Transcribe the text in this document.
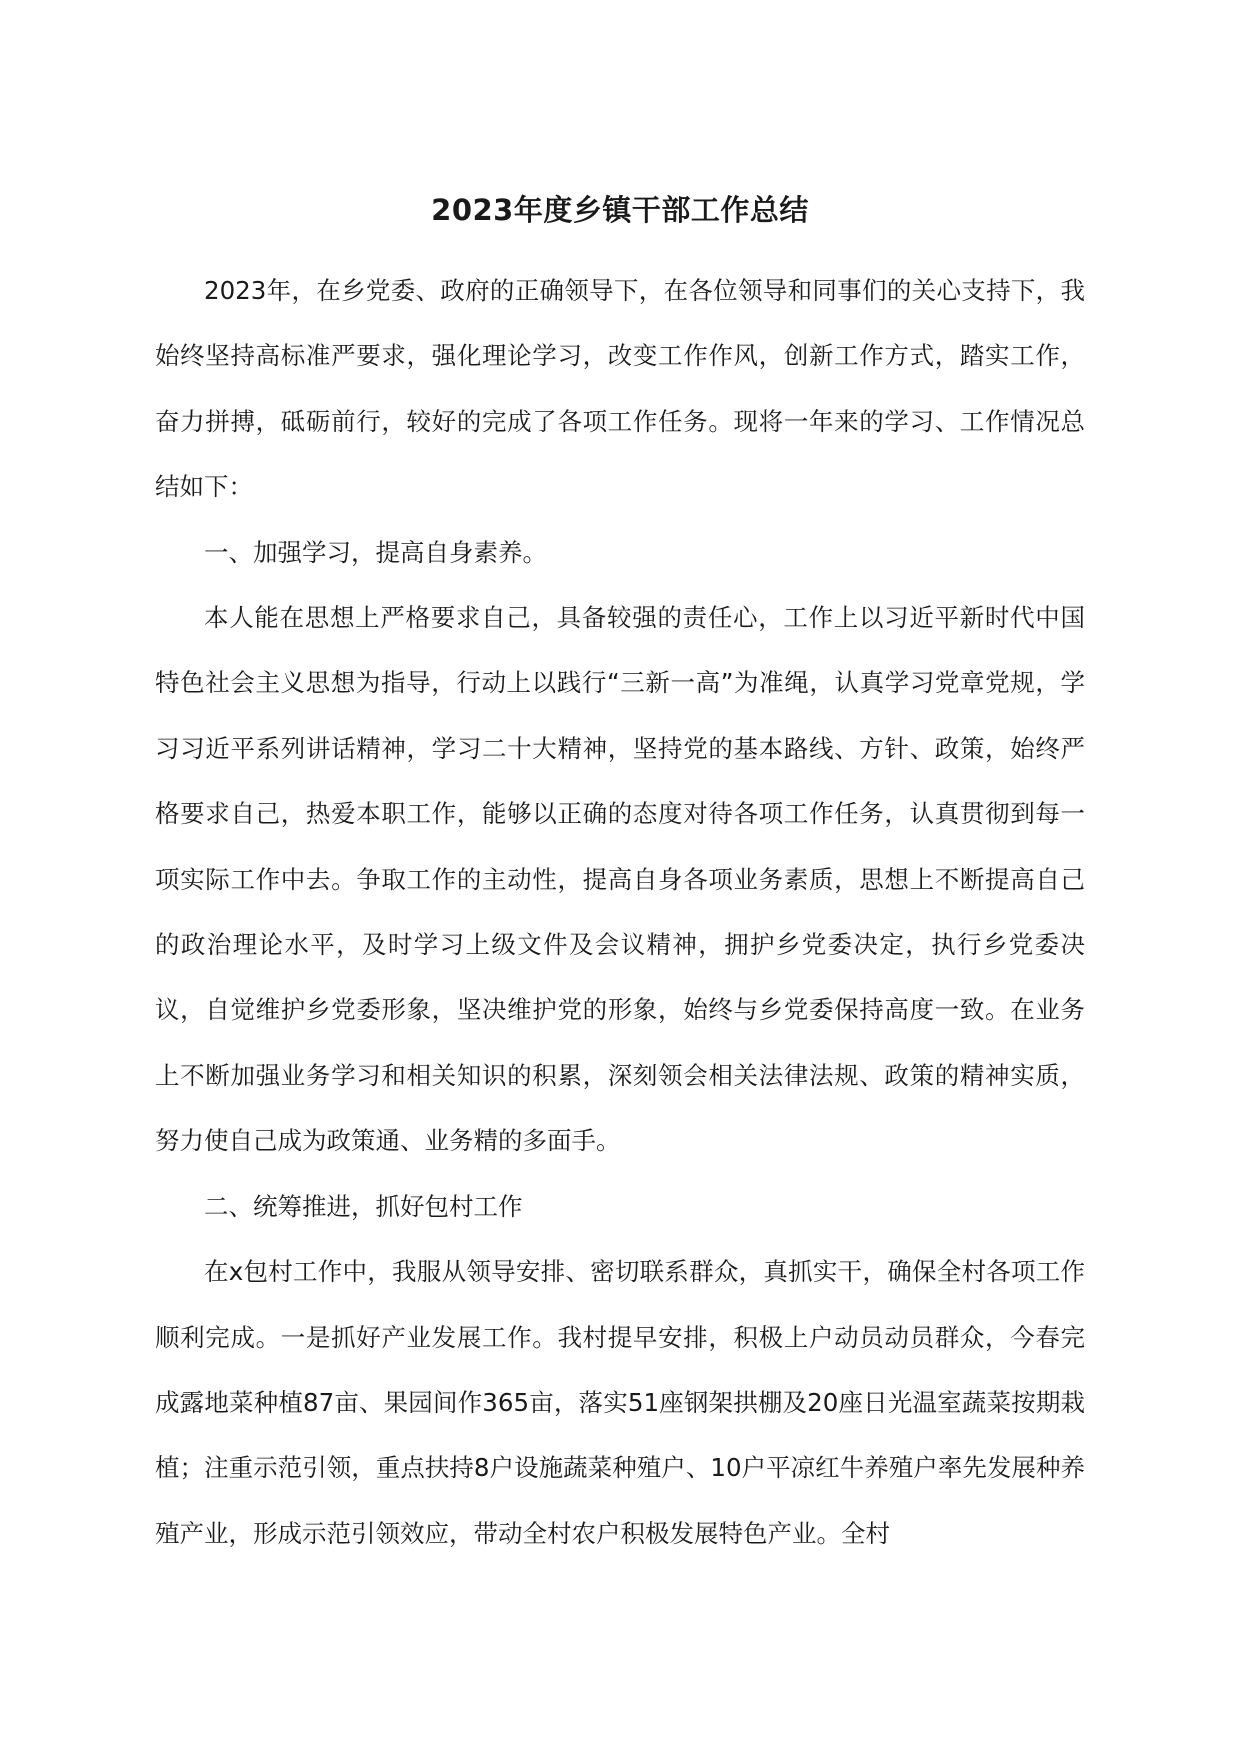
2023年度乡镇干部工作总结

2023年，在乡党委、政府的正确领导下，在各位领导和同事们的关心支持下，我始终坚持高标准严要求，强化理论学习，改变工作作风，创新工作方式，踏实工作，奋力拼搏，砥砺前行，较好的完成了各项工作任务。现将一年来的学习、工作情况总结如下：

一、加强学习，提高自身素养。

本人能在思想上严格要求自己，具备较强的责任心，工作上以习近平新时代中国特色社会主义思想为指导，行动上以践行“三新一高”为准绳，认真学习党章党规，学习习近平系列讲话精神，学习二十大精神，坚持党的基本路线、方针、政策，始终严格要求自己，热爱本职工作，能够以正确的态度对待各项工作任务，认真贯彻到每一项实际工作中去。争取工作的主动性，提高自身各项业务素质，思想上不断提高自己的政治理论水平，及时学习上级文件及会议精神，拥护乡党委决定，执行乡党委决议，自觉维护乡党委形象，坚决维护党的形象，始终与乡党委保持高度一致。在业务上不断加强业务学习和相关知识的积累，深刻领会相关法律法规、政策的精神实质，努力使自己成为政策通、业务精的多面手。

二、统筹推进，抓好包村工作

在x包村工作中，我服从领导安排、密切联系群众，真抓实干，确保全村各项工作顺利完成。一是抓好产业发展工作。我村提早安排，积极上户动员动员群众，今春完成露地菜种植87亩、果园间作365亩，落实51座钢架拱棚及20座日光温室蔬菜按期栽植；注重示范引领，重点扶持8户设施蔬菜种殖户、10户平凉红牛养殖户率先发展种养殖产业，形成示范引领效应，带动全村农户积极发展特色产业。全村
